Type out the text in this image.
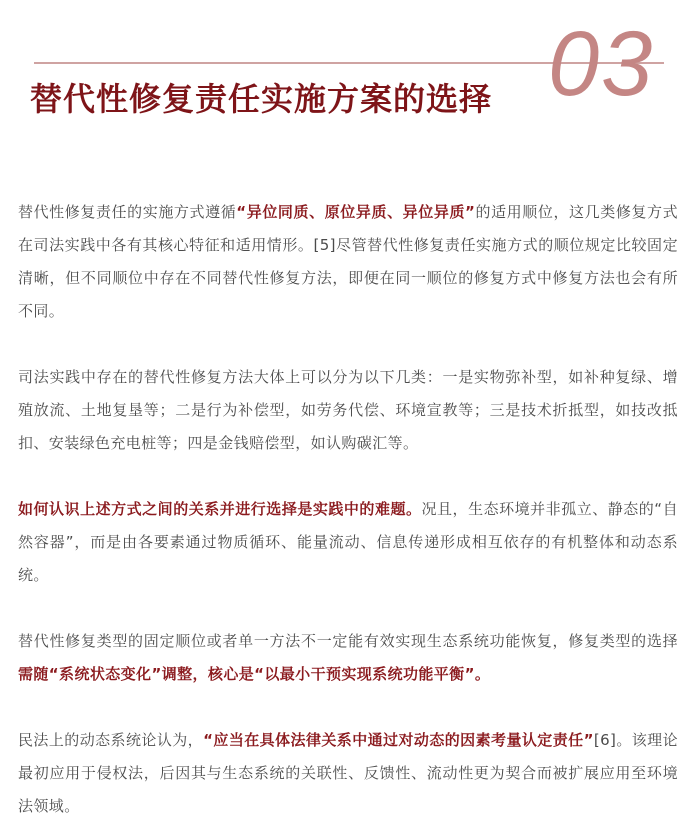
03
替代性修复责任实施方案的选择

替代性修复责任的实施方式遵循“异位同质、原位异质、异位异质”的适用顺位，这几类修复方式在司法实践中各有其核心特征和适用情形。[5]尽管替代性修复责任实施方式的顺位规定比较固定清晰，但不同顺位中存在不同替代性修复方法，即便在同一顺位的修复方式中修复方法也会有所不同。

司法实践中存在的替代性修复方法大体上可以分为以下几类：一是实物弥补型，如补种复绿、增殖放流、土地复垦等；二是行为补偿型，如劳务代偿、环境宣教等；三是技术折抵型，如技改抵扣、安装绿色充电桩等；四是金钱赔偿型，如认购碳汇等。

如何认识上述方式之间的关系并进行选择是实践中的难题。况且，生态环境并非孤立、静态的“自然容器”，而是由各要素通过物质循环、能量流动、信息传递形成相互依存的有机整体和动态系统。

替代性修复类型的固定顺位或者单一方法不一定能有效实现生态系统功能恢复，修复类型的选择需随“系统状态变化”调整，核心是“以最小干预实现系统功能平衡”。

民法上的动态系统论认为，“应当在具体法律关系中通过对动态的因素考量认定责任”[6]。该理论最初应用于侵权法，后因其与生态系统的关联性、反馈性、流动性更为契合而被扩展应用至环境法领域。
